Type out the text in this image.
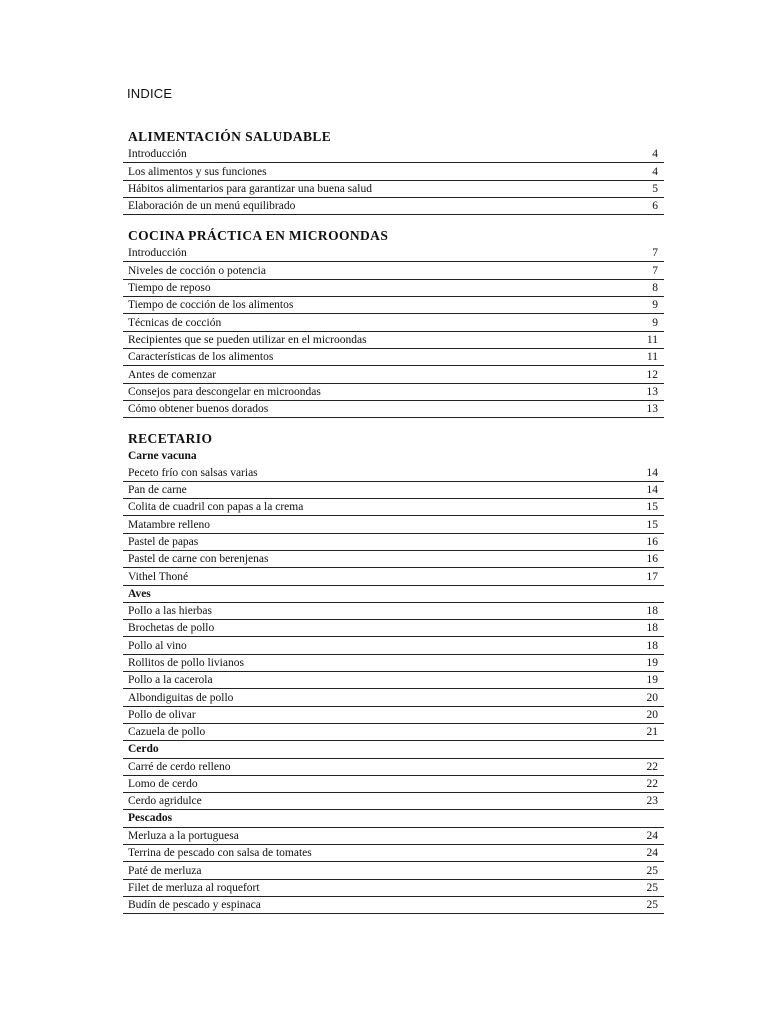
INDICE
ALIMENTACIÓN SALUDABLE
Introducción	4
Los alimentos y sus funciones	4
Hábitos alimentarios para garantizar una buena salud	5
Elaboración de un menú equilibrado	6
COCINA PRÁCTICA EN MICROONDAS
Introducción	7
Niveles de cocción o potencia	7
Tiempo de reposo	8
Tiempo de cocción de los alimentos	9
Técnicas de cocción	9
Recipientes que se pueden utilizar en el microondas	11
Características de los alimentos	11
Antes de comenzar	12
Consejos para descongelar en microondas	13
Cómo obtener buenos dorados	13
RECETARIO
Carne vacuna
Peceto frío con salsas varias	14
Pan de carne	14
Colita de cuadril con papas a la crema	15
Matambre relleno	15
Pastel de papas	16
Pastel de carne con berenjenas	16
Vithel Thoné	17
Aves
Pollo a las hierbas	18
Brochetas de pollo	18
Pollo al vino	18
Rollitos de pollo livianos	19
Pollo a la cacerola	19
Albondiguitas de pollo	20
Pollo de olivar	20
Cazuela de pollo	21
Cerdo
Carré de cerdo relleno	22
Lomo de cerdo	22
Cerdo agridulce	23
Pescados
Merluza a la portuguesa	24
Terrina de pescado con salsa de tomates	24
Paté de merluza	25
Filet de merluza al roquefort	25
Budín de pescado y espinaca	25
